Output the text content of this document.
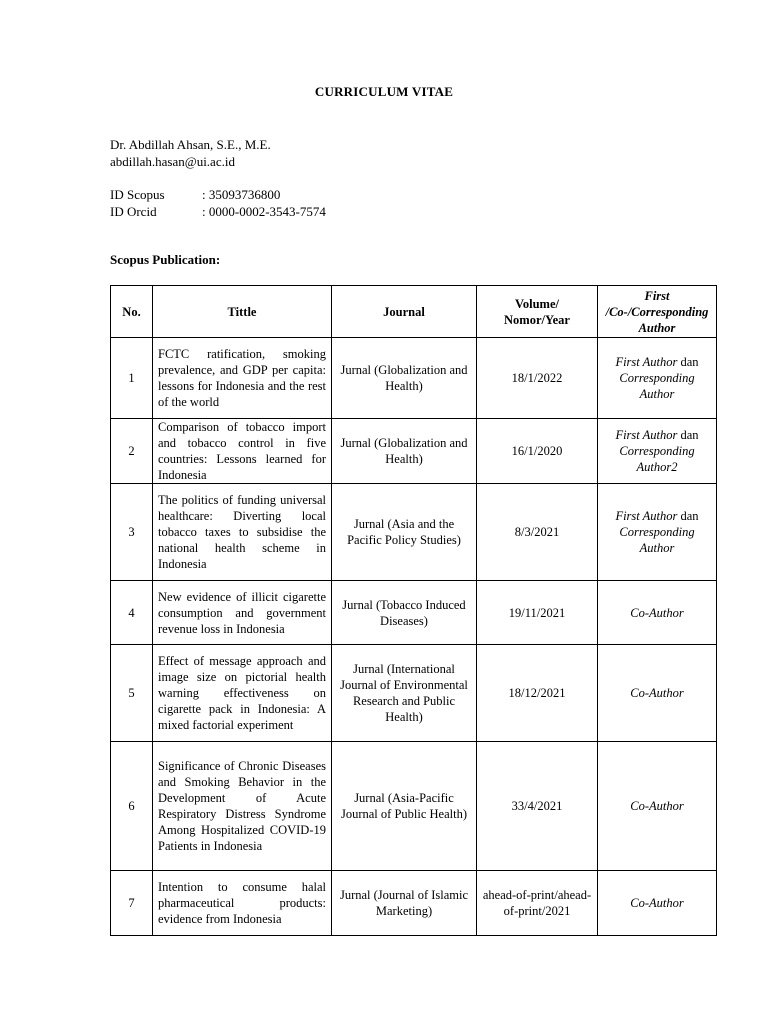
CURRICULUM VITAE
Dr. Abdillah Ahsan, S.E., M.E.
abdillah.hasan@ui.ac.id
ID Scopus	: 35093736800
ID Orcid	: 0000-0002-3543-7574
Scopus Publication:
No.	Tittle	Journal	Volume/ Nomor/Year	First /Co-/Corresponding Author
1	FCTC ratification, smoking prevalence, and GDP per capita: lessons for Indonesia and the rest of the world	Jurnal (Globalization and Health)	18/1/2022	First Author dan Corresponding Author
2	Comparison of tobacco import and tobacco control in five countries: Lessons learned for Indonesia	Jurnal (Globalization and Health)	16/1/2020	First Author dan Corresponding Author2
3	The politics of funding universal healthcare: Diverting local tobacco taxes to subsidise the national health scheme in Indonesia	Jurnal (Asia and the Pacific Policy Studies)	8/3/2021	First Author dan Corresponding Author
4	New evidence of illicit cigarette consumption and government revenue loss in Indonesia	Jurnal (Tobacco Induced Diseases)	19/11/2021	Co-Author
5	Effect of message approach and image size on pictorial health warning effectiveness on cigarette pack in Indonesia: A mixed factorial experiment	Jurnal (International Journal of Environmental Research and Public Health)	18/12/2021	Co-Author
6	Significance of Chronic Diseases and Smoking Behavior in the Development of Acute Respiratory Distress Syndrome Among Hospitalized COVID-19 Patients in Indonesia	Jurnal (Asia-Pacific Journal of Public Health)	33/4/2021	Co-Author
7	Intention to consume halal pharmaceutical products: evidence from Indonesia	Jurnal (Journal of Islamic Marketing)	ahead-of-print/ahead-of-print/2021	Co-Author
